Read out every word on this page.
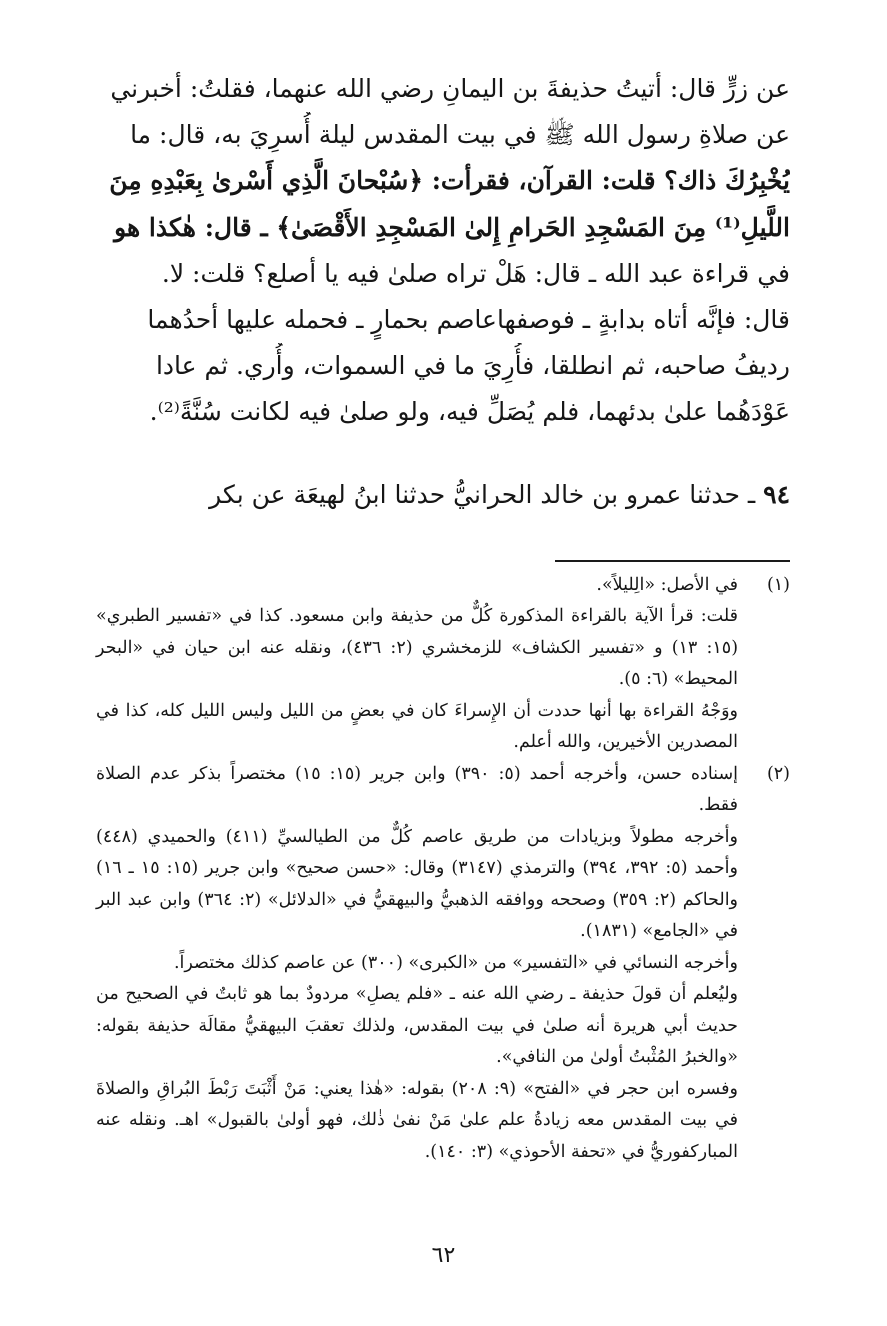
عن زرٍّ قال: أتيتُ حذيفةَ بن اليمانِ رضي الله عنهما، فقلتُ: أخبرني
عن صلاةِ رسول الله ﷺ في بيت المقدس ليلة أُسرِيَ به، قال: ما
يُخْبِرُكَ ذاك؟ قلت: القرآن، فقرأت: ﴿سُبْحانَ الَّذِي أَسْرىٰ بِعَبْدِهِ مِنَ
اللَّيلِ⁽¹⁾ مِنَ المَسْجِدِ الحَرامِ إِلىٰ المَسْجِدِ الأَقْصَىٰ﴾ ـ قال: هٰكذا هو
في قراءة عبد الله ـ قال: هَلْ تراه صلىٰ فيه يا أصلع؟ قلت: لا.
قال: فإنَّه أتاه بدابةٍ ـ فوصفهاعاصم بحمارٍ ـ فحمله عليها أحدُهما
رديفُ صاحبه، ثم انطلقا، فأُرِيَ ما في السموات، وأُري. ثم عادا
عَوْدَهُما علىٰ بدئهما، فلم يُصَلِّ فيه، ولو صلىٰ فيه لكانت سُنَّةً⁽²⁾.
٩٤ ـ حدثنا عمرو بن خالد الحرانيُّ حدثنا ابنُ لهيعَة عن بكر
(١)

في الأصل: «الِليلاً».

قلت: قرأ الآية بالقراءة المذكورة كُلٌّ من حذيفة وابن مسعود. كذا في «تفسير الطبري» (١٥: ١٣) و «تفسير الكشاف» للزمخشري (٢: ٤٣٦)، ونقله عنه ابن حيان في «البحر المحيط» (٦: ٥).

ووَجْهُ القراءة بها أنها حددت أن الإِسراءَ كان في بعضٍ من الليل وليس الليل كله، كذا في المصدرين الأخيرين، والله أعلم.

(٢)

إسناده حسن، وأخرجه أحمد (٥: ٣٩٠) وابن جرير (١٥: ١٥) مختصراً بذكر عدم الصلاة فقط.

وأخرجه مطولاً وبزيادات من طريق عاصم كُلٌّ من الطيالسيِّ (٤١١) والحميدي (٤٤٨) وأحمد (٥: ٣٩٢، ٣٩٤) والترمذي (٣١٤٧) وقال: «حسن صحيح» وابن جرير (١٥: ١٥ ـ ١٦) والحاكم (٢: ٣٥٩) وصححه ووافقه الذهبيُّ والبيهقيُّ في «الدلائل» (٢: ٣٦٤) وابن عبد البر في «الجامع» (١٨٣١).

وأخرجه النسائي في «التفسير» من «الكبرى» (٣٠٠) عن عاصم كذلك مختصراً.

وليُعلم أن قولَ حذيفة ـ رضي الله عنه ـ «فلم يصلِ» مردودٌ بما هو ثابتٌ في الصحيح من حديث أبي هريرة أنه صلىٰ في بيت المقدس، ولذلك تعقبَ البيهقيُّ مقالَة حذيفة بقوله: «والخبرُ المُثْبتُ أولىٰ من النافي».

وفسره ابن حجر في «الفتح» (٩: ٢٠٨) بقوله: «هٰذا يعني: مَنْ أَثْبَتَ رَبْطَ البُراقِ والصلاةَ في بيت المقدس معه زيادةُ علم علىٰ مَنْ نفىٰ ذٰلك، فهو أولىٰ بالقبول» اهـ. ونقله عنه المباركفوريُّ في «تحفة الأحوذي» (٣: ١٤٠).

٦٢
